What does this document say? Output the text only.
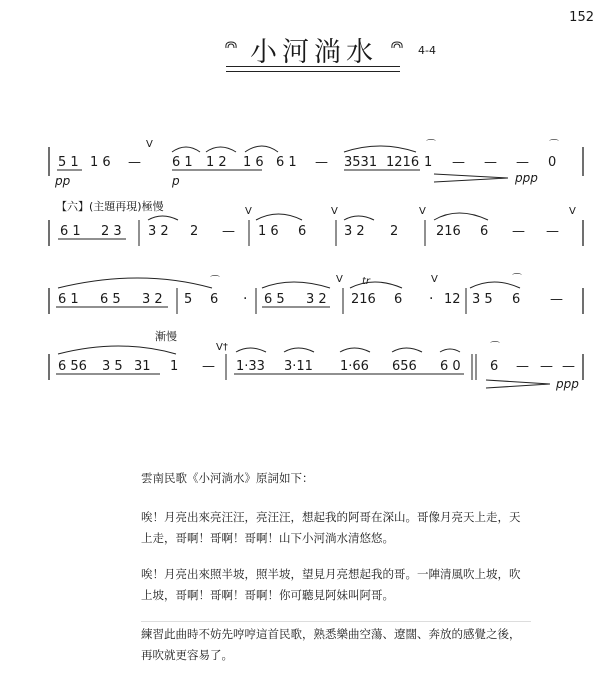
152
小河淌水	4-4
5 1 1 6 —
V
6 1 1 2 1 6 6 1 — 3531 1216 1
⌒
— — — 0
⌒
pp	p	ppp
【六】(主題再現)極慢
6 1 2 3 3 2 2 —
V
1 6 6
V
3 2 2
V
216 6 — —
V
6 1 6 5 3 2 5 6
⌒
· 6 5 3 2
V tr
216 6 ·
V
12 3 5 6
⌒
—
漸慢
6 56 3 5 31 1 —
V†
1·33 3·11 1·66 656 6 0 6
⌒
— — —
ppp

雲南民歌《小河淌水》原詞如下：

唉！月亮出來亮汪汪，亮汪汪，想起我的阿哥在深山。哥像月亮天上走，天上走，哥啊！哥啊！哥啊！山下小河淌水清悠悠。

唉！月亮出來照半坡，照半坡，望見月亮想起我的哥。一陣清風吹上坡，吹上坡，哥啊！哥啊！哥啊！你可聽見阿妹叫阿哥。

練習此曲時不妨先哼哼這首民歌，熟悉樂曲空蕩、遼闊、奔放的感覺之後，再吹就更容易了。
